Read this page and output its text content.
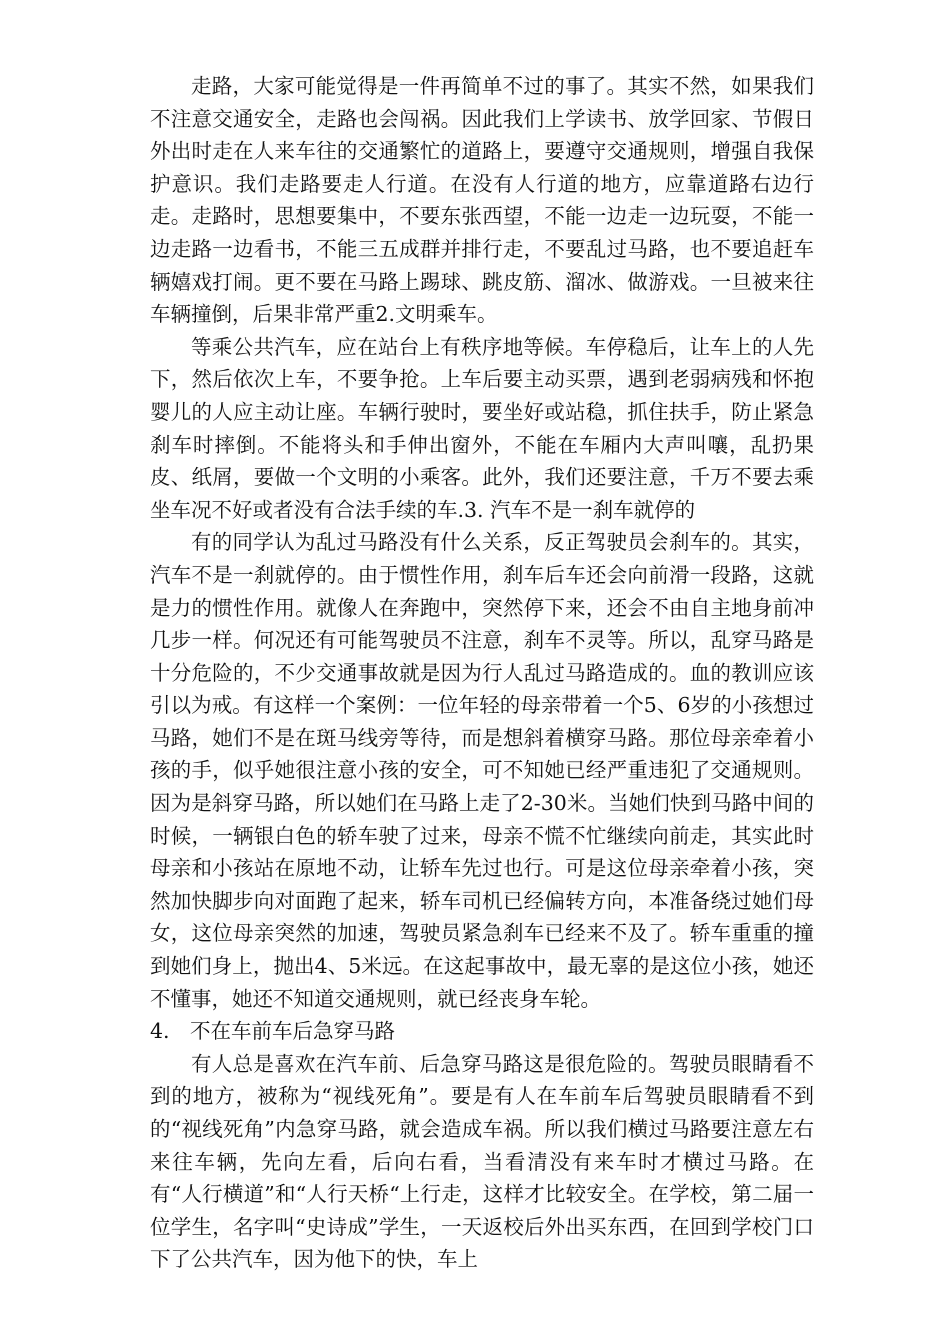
走路，大家可能觉得是一件再简单不过的事了。其实不然，如果我们不注意交通安全，走路也会闯祸。因此我们上学读书、放学回家、节假日外出时走在人来车往的交通繁忙的道路上，要遵守交通规则，增强自我保护意识。我们走路要走人行道。在没有人行道的地方，应靠道路右边行走。走路时，思想要集中，不要东张西望，不能一边走一边玩耍，不能一边走路一边看书，不能三五成群并排行走，不要乱过马路，也不要追赶车辆嬉戏打闹。更不要在马路上踢球、跳皮筋、溜冰、做游戏。一旦被来往车辆撞倒，后果非常严重2.文明乘车。

等乘公共汽车，应在站台上有秩序地等候。车停稳后，让车上的人先下，然后依次上车，不要争抢。上车后要主动买票，遇到老弱病残和怀抱婴儿的人应主动让座。车辆行驶时，要坐好或站稳，抓住扶手，防止紧急刹车时摔倒。不能将头和手伸出窗外，不能在车厢内大声叫嚷，乱扔果皮、纸屑，要做一个文明的小乘客。此外，我们还要注意，千万不要去乘坐车况不好或者没有合法手续的车.3. 汽车不是一刹车就停的

有的同学认为乱过马路没有什么关系，反正驾驶员会刹车的。其实，汽车不是一刹就停的。由于惯性作用，刹车后车还会向前滑一段路，这就是力的惯性作用。就像人在奔跑中，突然停下来，还会不由自主地身前冲几步一样。何况还有可能驾驶员不注意，刹车不灵等。所以，乱穿马路是十分危险的，不少交通事故就是因为行人乱过马路造成的。血的教训应该引以为戒。有这样一个案例：一位年轻的母亲带着一个5、6岁的小孩想过马路，她们不是在斑马线旁等待，而是想斜着横穿马路。那位母亲牵着小孩的手，似乎她很注意小孩的安全，可不知她已经严重违犯了交通规则。因为是斜穿马路，所以她们在马路上走了2-30米。当她们快到马路中间的时候，一辆银白色的轿车驶了过来，母亲不慌不忙继续向前走，其实此时母亲和小孩站在原地不动，让轿车先过也行。可是这位母亲牵着小孩，突然加快脚步向对面跑了起来，轿车司机已经偏转方向，本准备绕过她们母女，这位母亲突然的加速，驾驶员紧急刹车已经来不及了。轿车重重的撞到她们身上，抛出4、5米远。在这起事故中，最无辜的是这位小孩，她还不懂事，她还不知道交通规则，就已经丧身车轮。

4.　不在车前车后急穿马路

有人总是喜欢在汽车前、后急穿马路这是很危险的。驾驶员眼睛看不到的地方，被称为“视线死角”。要是有人在车前车后驾驶员眼睛看不到的“视线死角”内急穿马路，就会造成车祸。所以我们横过马路要注意左右来往车辆，先向左看，后向右看，当看清没有来车时才横过马路。在有“人行横道”和“人行天桥“上行走，这样才比较安全。在学校，第二届一位学生，名字叫“史诗成”学生，一天返校后外出买东西，在回到学校门口下了公共汽车，因为他下的快，车上
